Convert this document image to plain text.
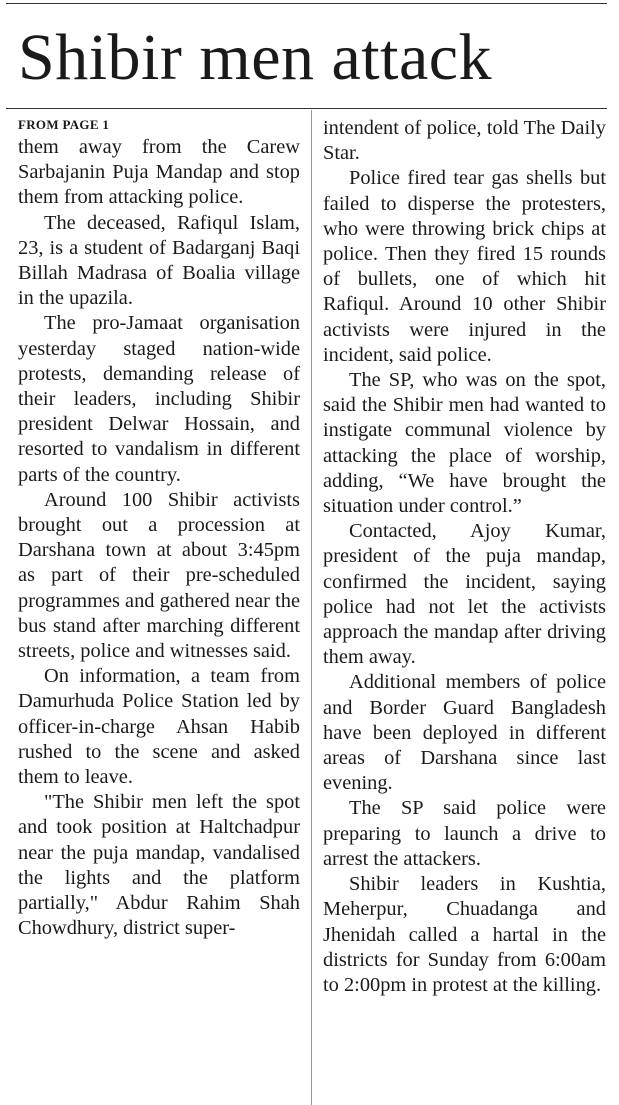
Shibir men attack
FROM PAGE 1

them away from the Carew Sarbajanin Puja Mandap and stop them from attacking police.

The deceased, Rafiqul Islam, 23, is a student of Badarganj Baqi Billah Madrasa of Boalia village in the upazila.

The pro-Jamaat organisation yesterday staged nation-wide protests, demanding release of their leaders, including Shibir president Delwar Hossain, and resorted to vandalism in different parts of the country.

Around 100 Shibir activists brought out a procession at Darshana town at about 3:45pm as part of their pre-scheduled programmes and gathered near the bus stand after marching different streets, police and witnesses said.

On information, a team from Damurhuda Police Station led by officer-in-charge Ahsan Habib rushed to the scene and asked them to leave.

"The Shibir men left the spot and took position at Haltchadpur near the puja mandap, vandalised the lights and the platform partially," Abdur Rahim Shah Chowdhury, district super-

intendent of police, told The Daily Star.

Police fired tear gas shells but failed to disperse the protesters, who were throwing brick chips at police. Then they fired 15 rounds of bullets, one of which hit Rafiqul. Around 10 other Shibir activists were injured in the incident, said police.

The SP, who was on the spot, said the Shibir men had wanted to instigate communal violence by attacking the place of worship, adding, “We have brought the situation under control.”

Contacted, Ajoy Kumar, president of the puja mandap, confirmed the incident, saying police had not let the activists approach the mandap after driving them away.

Additional members of police and Border Guard Bangladesh have been deployed in different areas of Darshana since last evening.

The SP said police were preparing to launch a drive to arrest the attackers.

Shibir leaders in Kushtia, Meherpur, Chuadanga and Jhenidah called a hartal in the districts for Sunday from 6:00am to 2:00pm in protest at the killing.
